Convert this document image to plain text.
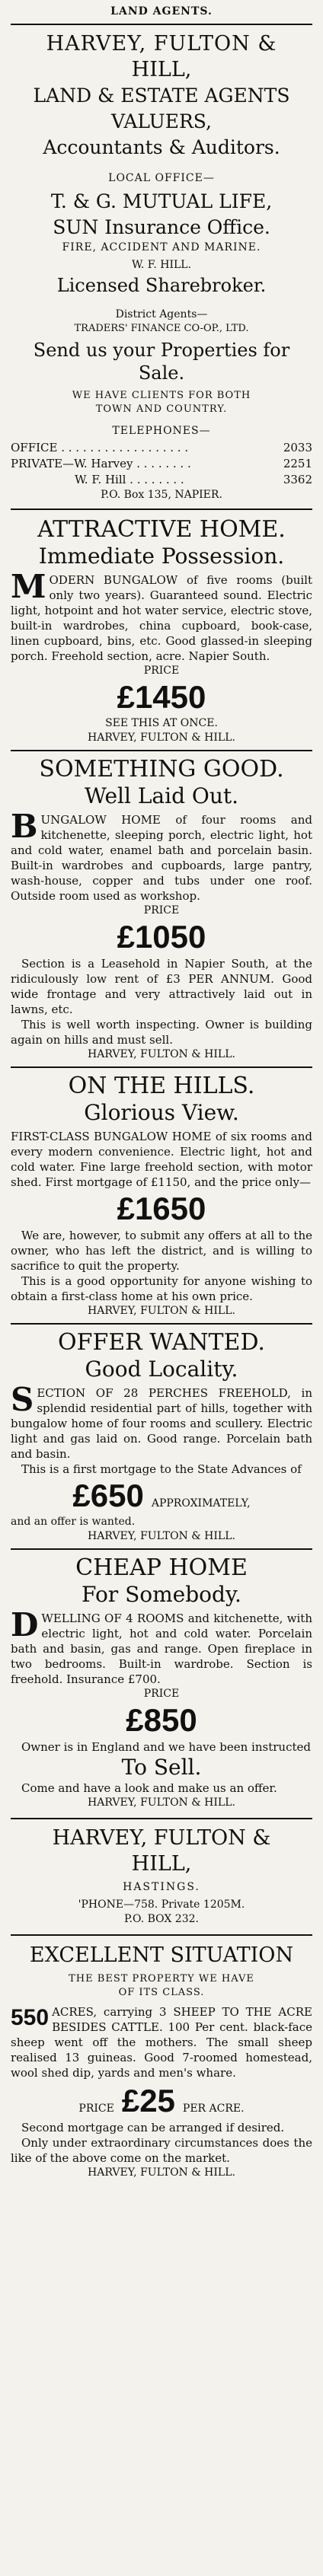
LAND AGENTS.
HARVEY, FULTON &
HILL,
LAND & ESTATE AGENTS
VALUERS,
Accountants & Auditors.
LOCAL OFFICE—
T. & G. MUTUAL LIFE,
SUN Insurance Office.
FIRE, ACCIDENT AND MARINE.
W. F. HILL.
Licensed Sharebroker.
District Agents—
TRADERS' FINANCE CO-OP., LTD.
Send us your Properties for
Sale.
WE HAVE CLIENTS FOR BOTH
TOWN AND COUNTRY.
TELEPHONES—
OFFICE . . . . . . . . . . . . . . . . . .	2033
PRIVATE—W. Harvey . . . . . . . .	2251
W. F. Hill . . . . . . . .	3362
P.O. Box 135, NAPIER.
ATTRACTIVE HOME.
Immediate Possession.
M ODERN BUNGALOW of five rooms (built only two years). Guaranteed sound. Electric light, hotpoint and hot water service, electric stove, built-in wardrobes, china cupboard, book-case, linen cupboard, bins, etc. Good glassed-in sleeping porch. Freehold section, acre. Napier South.
PRICE
£1450
SEE THIS AT ONCE.
HARVEY, FULTON & HILL.
SOMETHING GOOD.
Well Laid Out.
B UNGALOW HOME of four rooms and kitchenette, sleeping porch, electric light, hot and cold water, enamel bath and porcelain basin. Built-in wardrobes and cupboards, large pantry, wash-house, copper and tubs under one roof. Outside room used as workshop.
PRICE
£1050
Section is a Leasehold in Napier South, at the ridiculously low rent of £3 PER ANNUM. Good wide frontage and very attractively laid out in lawns, etc.
This is well worth inspecting. Owner is building again on hills and must sell.
HARVEY, FULTON & HILL.
ON THE HILLS.
Glorious View.
FIRST-CLASS BUNGALOW HOME of six rooms and every modern convenience. Electric light, hot and cold water. Fine large freehold section, with motor shed. First mortgage of £1150, and the price only—
£1650
We are, however, to submit any offers at all to the owner, who has left the district, and is willing to sacrifice to quit the property.
This is a good opportunity for anyone wishing to obtain a first-class home at his own price.
HARVEY, FULTON & HILL.
OFFER WANTED.
Good Locality.
S ECTION OF 28 PERCHES FREEHOLD, in splendid residential part of hills, together with bungalow home of four rooms and scullery. Electric light and gas laid on. Good range. Porcelain bath and basin.
This is a first mortgage to the State Advances of
£650 APPROXIMATELY,
and an offer is wanted.
HARVEY, FULTON & HILL.
CHEAP HOME
For Somebody.
D WELLING OF 4 ROOMS and kitchenette, with electric light, hot and cold water. Porcelain bath and basin, gas and range. Open fireplace in two bedrooms. Built-in wardrobe. Section is freehold. Insurance £700.
PRICE
£850
Owner is in England and we have been instructed
To Sell.
Come and have a look and make us an offer.
HARVEY, FULTON & HILL.
HARVEY, FULTON &
HILL,
HASTINGS.
'PHONE—758. Private 1205M.
P.O. BOX 232.
EXCELLENT SITUATION
THE BEST PROPERTY WE HAVE
OF ITS CLASS.
550 ACRES, carrying 3 SHEEP TO THE ACRE BESIDES CATTLE. 100 Per cent. black-face sheep went off the mothers. The small sheep realised 13 guineas. Good 7-roomed homestead, wool shed dip, yards and men's whare.
PRICE £25 PER ACRE.
Second mortgage can be arranged if desired.
Only under extraordinary circumstances does the like of the above come on the market.
HARVEY, FULTON & HILL.
